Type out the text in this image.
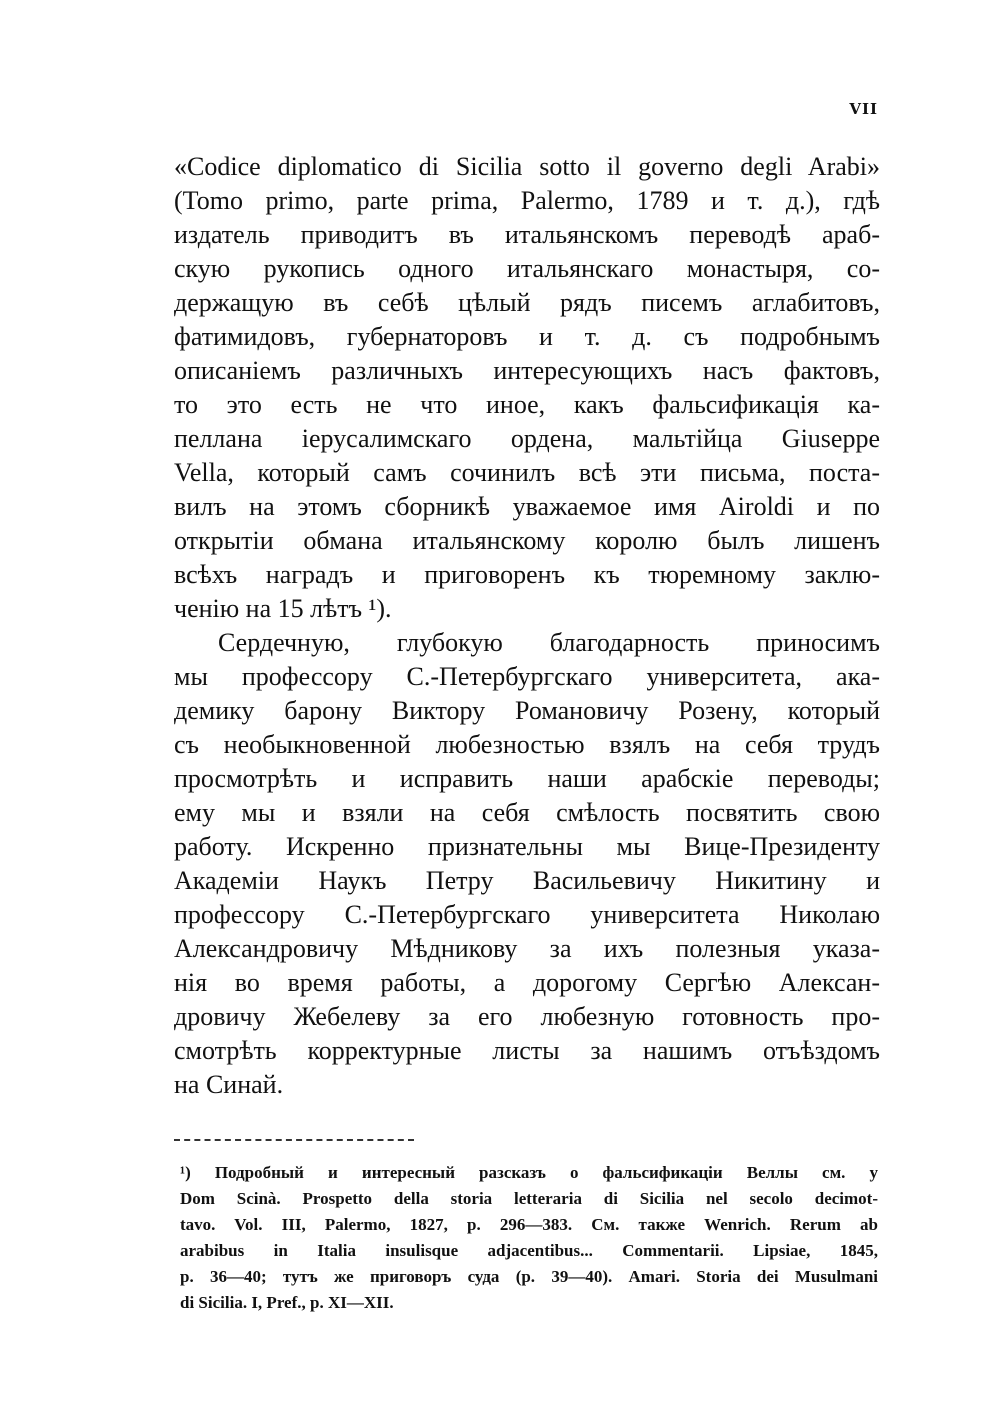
VII
«Codice diplomatico di Sicilia sotto il governo degli Arabi»
(Tomo primo, parte prima, Palermo, 1789 и т. д.), гдѣ
издатель приводитъ въ итальянскомъ переводѣ араб-
скую рукопись одного итальянскаго монастыря, со-
держащую въ себѣ цѣлый рядъ писемъ аглабитовъ,
фатимидовъ, губернаторовъ и т. д. съ подробнымъ
описаніемъ различныхъ интересующихъ насъ фактовъ,
то это есть не что иное, какъ фальсификація ка-
пеллана іерусалимскаго ордена, мальтійца Giuseppe
Vella, который самъ сочинилъ всѣ эти письма, поста-
вилъ на этомъ сборникѣ уважаемое имя Airoldi и по
открытіи обмана итальянскому королю былъ лишенъ
всѣхъ наградъ и приговоренъ къ тюремному заклю-
ченію на 15 лѣтъ ¹).
Сердечную, глубокую благодарность приносимъ
мы профессору С.-Петербургскаго университета, ака-
демику барону Виктору Романовичу Розену, который
съ необыкновенной любезностью взялъ на себя трудъ
просмотрѣть и исправить наши арабскіе переводы;
ему мы и взяли на себя смѣлость посвятить свою
работу. Искренно признательны мы Вице-Президенту
Академіи Наукъ Петру Васильевичу Никитину и
профессору С.-Петербургскаго университета Николаю
Александровичу Мѣдникову за ихъ полезныя указа-
нія во время работы, а дорогому Сергѣю Алексан-
дровичу Жебелеву за его любезную готовность про-
смотрѣть корректурные листы за нашимъ отъѣздомъ
на Синай.
¹) Подробный и интересный разсказъ о фальсификаціи Веллы см. у
Dom Scinà. Prospetto della storia letteraria di Sicilia nel secolo decimot-
tavo. Vol. III, Palermo, 1827, p. 296—383. См. также Wenrich. Rerum ab
arabibus in Italia insulisque adjacentibus... Commentarii. Lipsiae, 1845,
p. 36—40; тутъ же приговоръ суда (p. 39—40). Amari. Storia dei Musulmani
di Sicilia. I, Pref., p. XI—XII.
